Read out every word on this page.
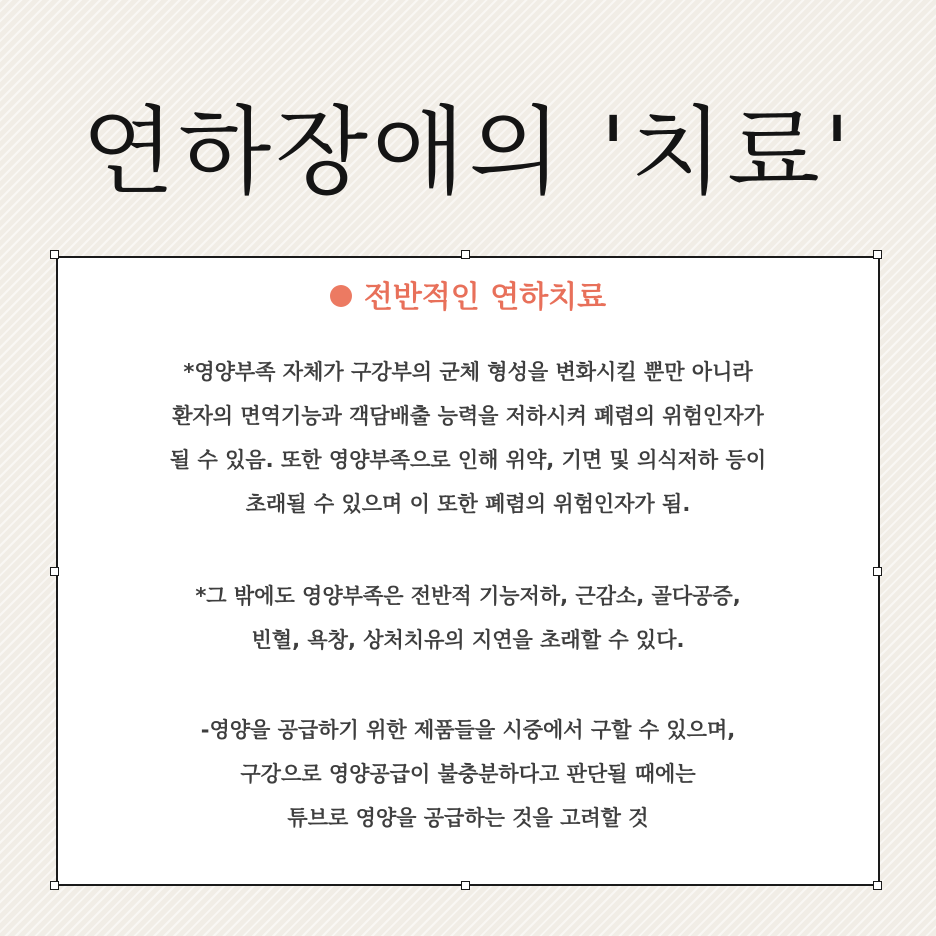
연하장애의 '치료'
전반적인 연하치료
*영양부족 자체가 구강부의 군체 형성을 변화시킬 뿐만 아니라
환자의 면역기능과 객담배출 능력을 저하시켜 폐렴의 위험인자가
될 수 있음. 또한 영양부족으로 인해 위약, 기면 및 의식저하 등이
초래될 수 있으며 이 또한 폐렴의 위험인자가 됨.
*그 밖에도 영양부족은 전반적 기능저하, 근감소, 골다공증,
빈혈, 욕창, 상처치유의 지연을 초래할 수 있다.
-영양을 공급하기 위한 제품들을 시중에서 구할 수 있으며,
구강으로 영양공급이 불충분하다고 판단될 때에는
튜브로 영양을 공급하는 것을 고려할 것
